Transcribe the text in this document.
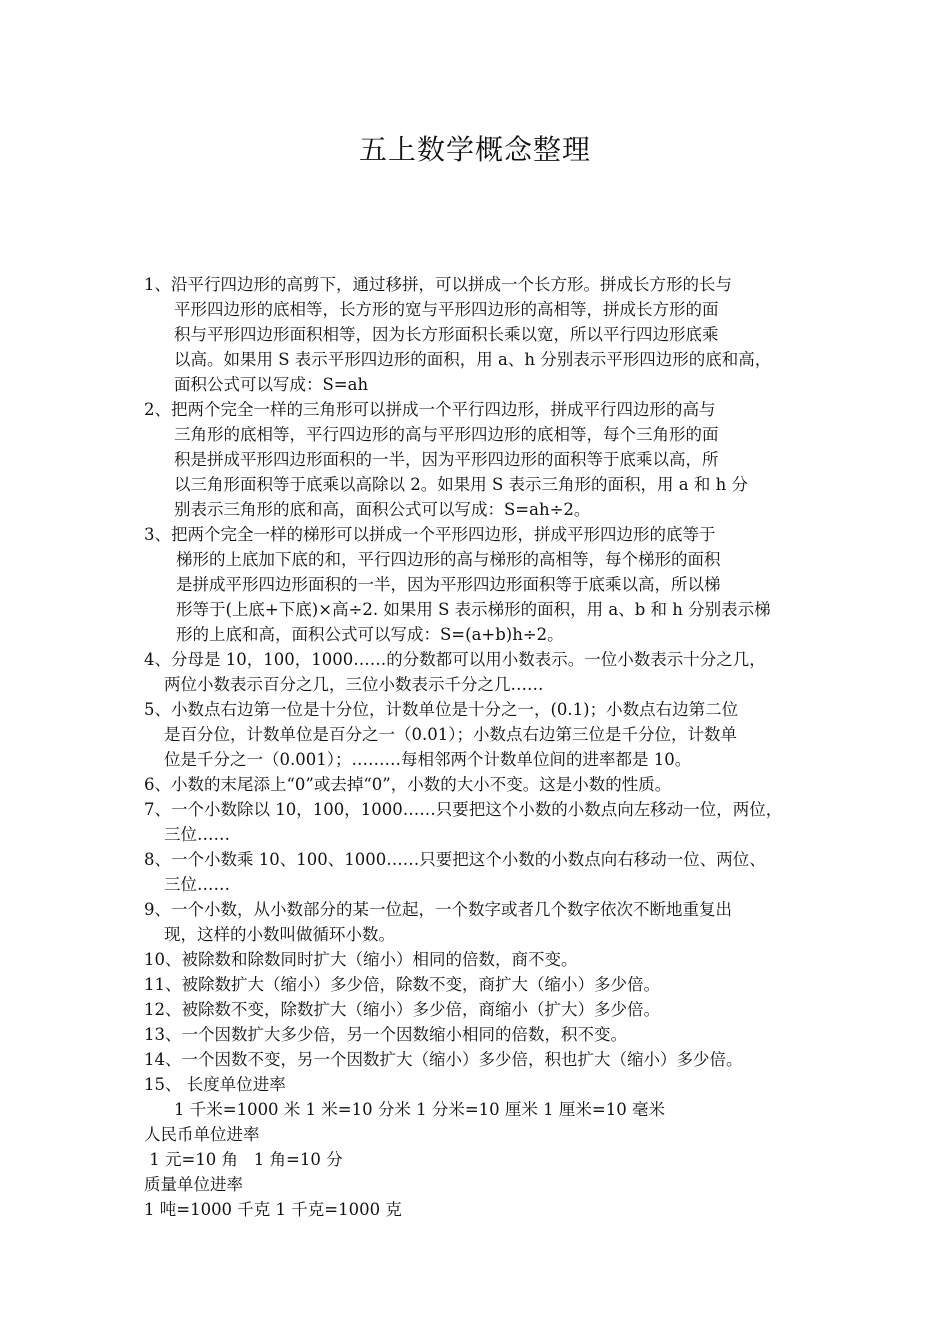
五上数学概念整理
1、沿平行四边形的高剪下，通过移拼，可以拼成一个长方形。拼成长方形的长与
平形四边形的底相等，长方形的宽与平形四边形的高相等，拼成长方形的面
积与平形四边形面积相等，因为长方形面积长乘以宽，所以平行四边形底乘
以高。如果用 S 表示平形四边形的面积，用 a、h 分别表示平形四边形的底和高，
面积公式可以写成：S=ah
2、把两个完全一样的三角形可以拼成一个平行四边形，拼成平行四边形的高与
三角形的底相等，平行四边形的高与平形四边形的底相等，每个三角形的面
积是拼成平形四边形面积的一半，因为平形四边形的面积等于底乘以高，所
以三角形面积等于底乘以高除以 2。如果用 S 表示三角形的面积，用 a 和 h 分
别表示三角形的底和高，面积公式可以写成：S=ah÷2。
3、把两个完全一样的梯形可以拼成一个平形四边形，拼成平形四边形的底等于
梯形的上底加下底的和，平行四边形的高与梯形的高相等，每个梯形的面积
是拼成平形四边形面积的一半，因为平形四边形面积等于底乘以高，所以梯
形等于(上底+下底)×高÷2. 如果用 S 表示梯形的面积，用 a、b 和 h 分别表示梯
形的上底和高，面积公式可以写成：S=(a+b)h÷2。
4、分母是 10，100，1000……的分数都可以用小数表示。一位小数表示十分之几，
两位小数表示百分之几，三位小数表示千分之几……
5、小数点右边第一位是十分位，计数单位是十分之一，(0.1)；小数点右边第二位
是百分位，计数单位是百分之一（0.01）；小数点右边第三位是千分位，计数单
位是千分之一（0.001）；………每相邻两个计数单位间的进率都是 10。
6、小数的末尾添上“0”或去掉“0”，小数的大小不变。这是小数的性质。
7、一个小数除以 10，100，1000……只要把这个小数的小数点向左移动一位，两位，
三位……
8、一个小数乘 10、100、1000……只要把这个小数的小数点向右移动一位、两位、
三位……
9、一个小数，从小数部分的某一位起，一个数字或者几个数字依次不断地重复出
现，这样的小数叫做循环小数。
10、被除数和除数同时扩大（缩小）相同的倍数，商不变。
11、被除数扩大（缩小）多少倍，除数不变，商扩大（缩小）多少倍。
12、被除数不变，除数扩大（缩小）多少倍，商缩小（扩大）多少倍。
13、一个因数扩大多少倍，另一个因数缩小相同的倍数，积不变。
14、一个因数不变，另一个因数扩大（缩小）多少倍，积也扩大（缩小）多少倍。
15、 长度单位进率
1 千米=1000 米 1 米=10 分米 1 分米=10 厘米 1 厘米=10 毫米
人民币单位进率
1 元=10 角   1 角=10 分
质量单位进率
1 吨=1000 千克 1 千克=1000 克
